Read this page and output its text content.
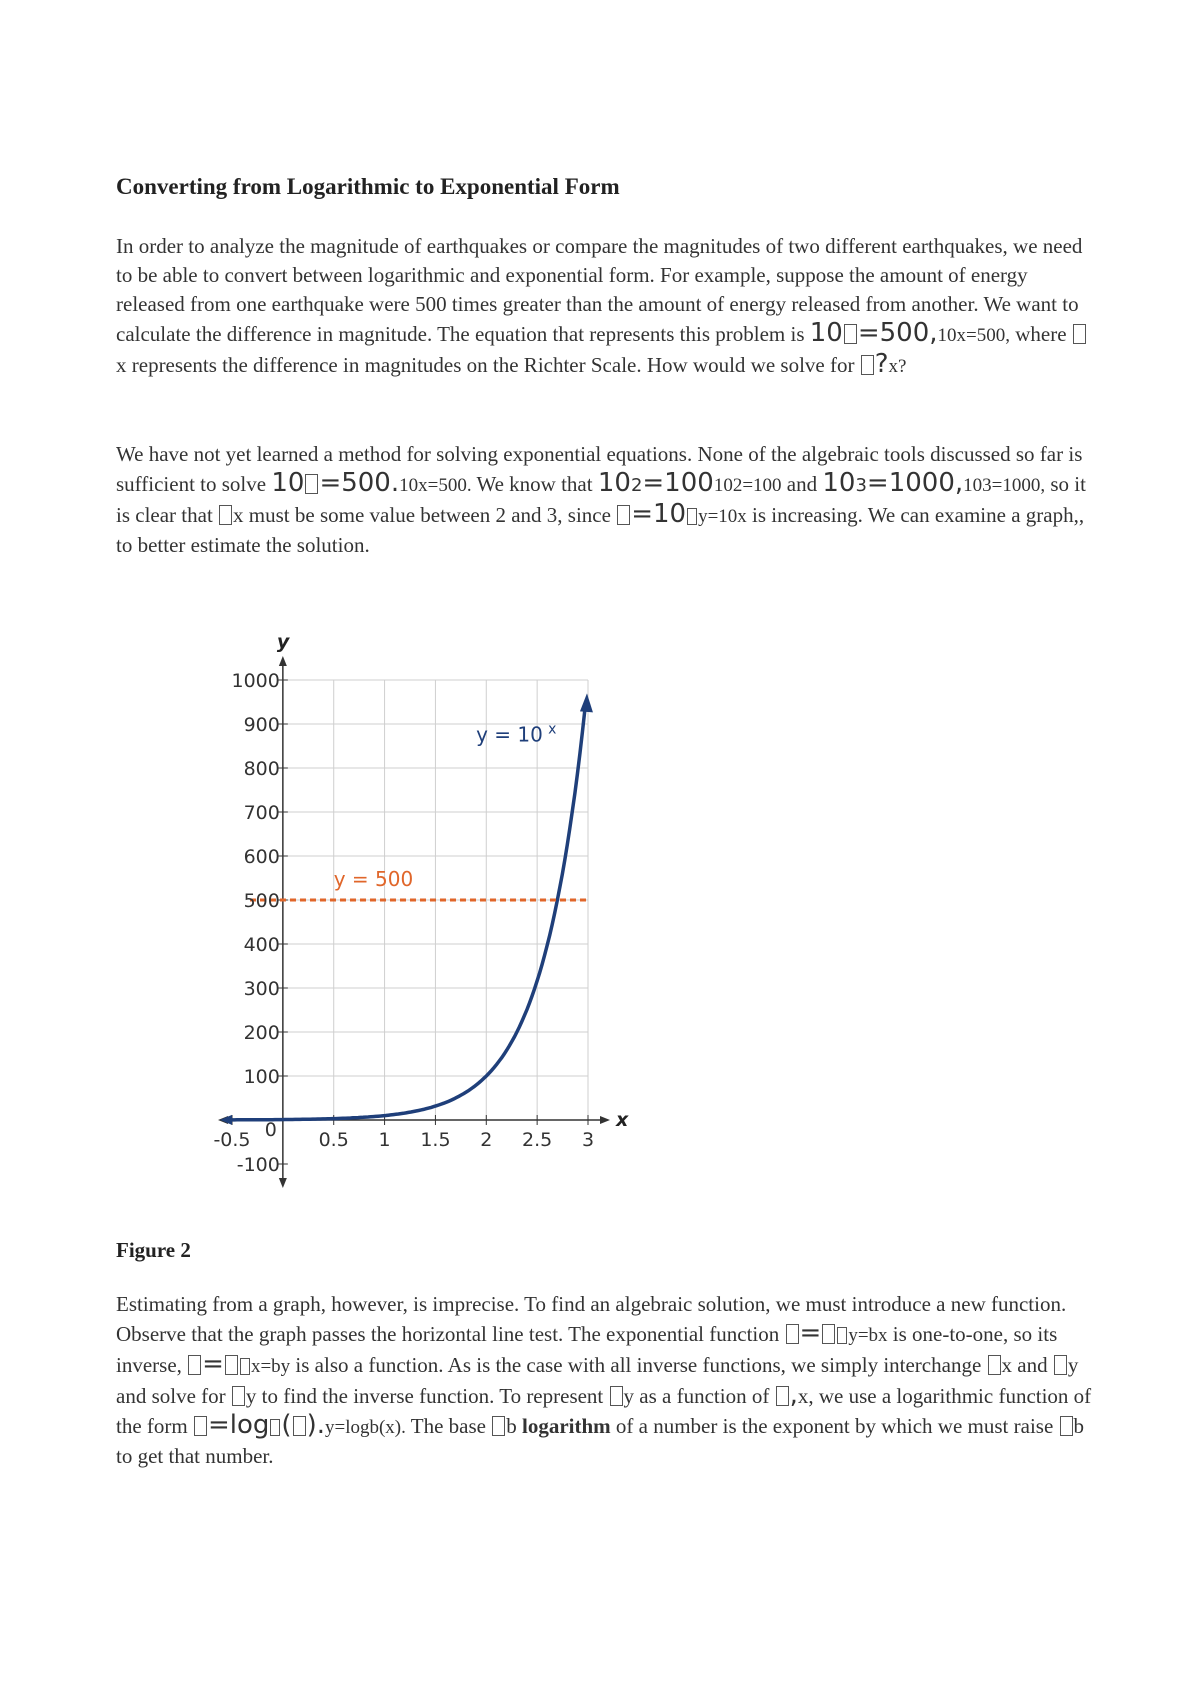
Converting from Logarithmic to Exponential Form

In order to analyze the magnitude of earthquakes or compare the magnitudes of two different earthquakes, we need to be able to convert between logarithmic and exponential form. For example, suppose the amount of energy released from one earthquake were 500 times greater than the amount of energy released from another. We want to calculate the difference in magnitude. The equation that represents this problem is 10 =500,10x=500, where x represents the difference in magnitudes on the Richter Scale. How would we solve for ?x?

We have not yet learned a method for solving exponential equations. None of the algebraic tools discussed so far is sufficient to solve 10 =500.10x=500. We know that 102=100102=100 and 103=1000,103=1000, so it is clear that x must be some value between 2 and 3, since =10 y=10x is increasing. We can examine a graph,, to better estimate the solution.

x
y
-0.5 0 0.5 1 1.5 2 2.5 3
1000
900
800
700
600
500
400
300
200
100
-100
y = 10 x
y = 500

Figure 2

Estimating from a graph, however, is imprecise. To find an algebraic solution, we must introduce a new function. Observe that the graph passes the horizontal line test. The exponential function = y=bx is one-to-one, so its inverse, = x=by is also a function. As is the case with all inverse functions, we simply interchange x and y and solve for y to find the inverse function. To represent y as a function of ,x, we use a logarithmic function of the form =log ( ).y=logb(x). The base b logarithm of a number is the exponent by which we must raise b to get that number.
